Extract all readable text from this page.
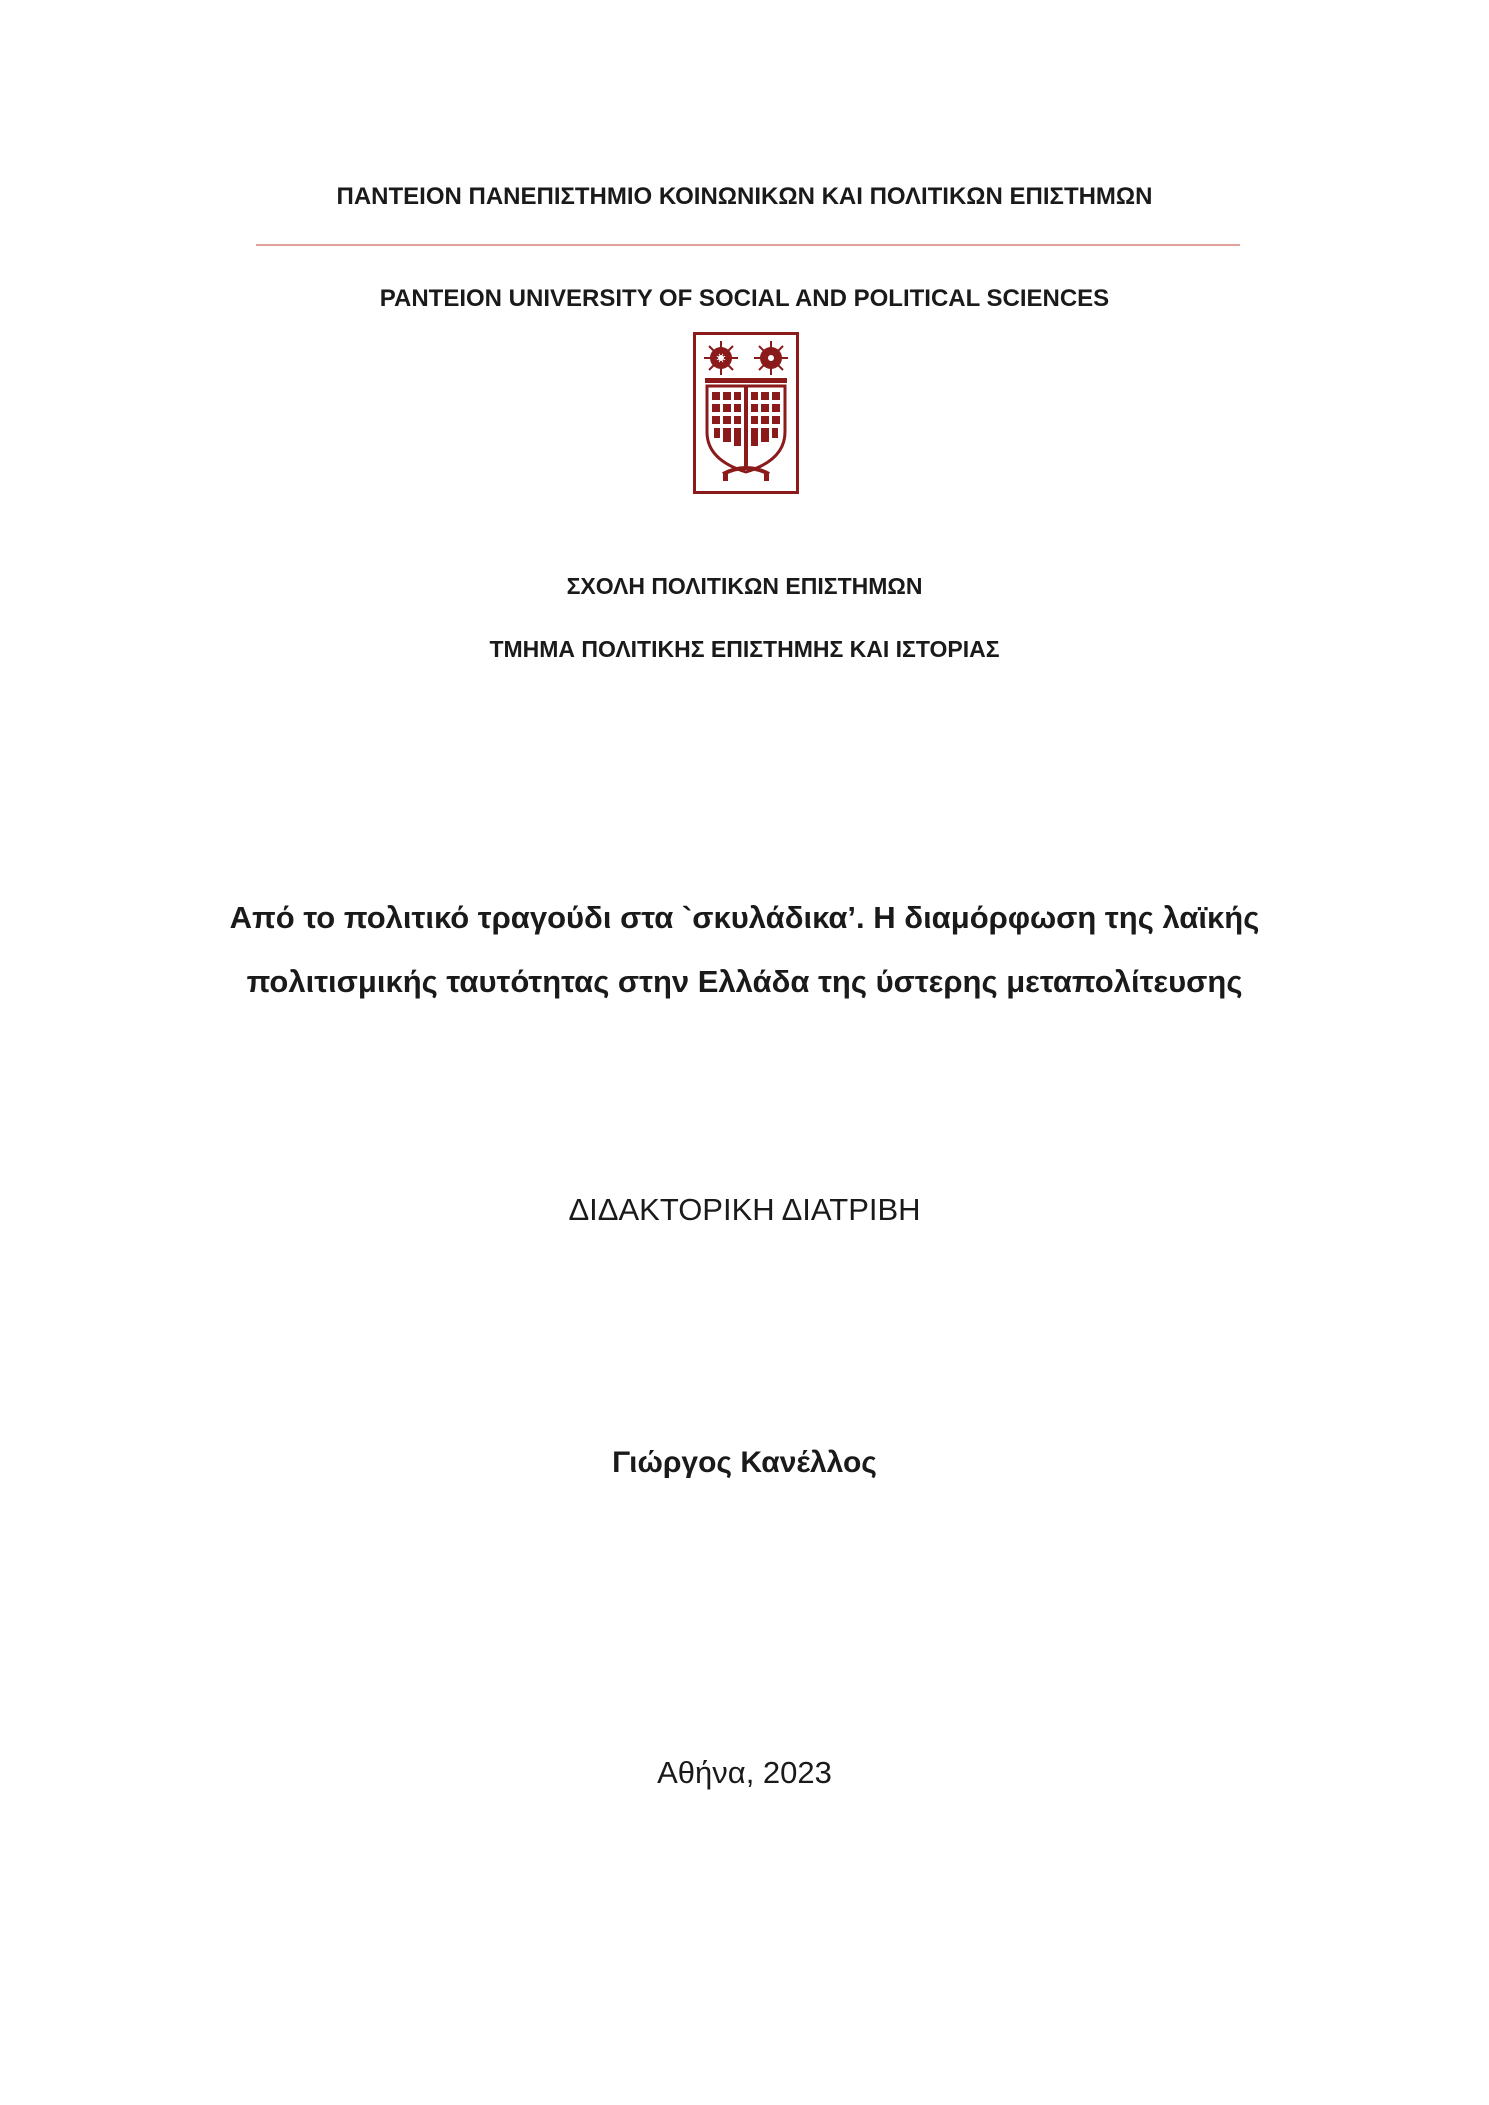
ΠΑΝΤΕΙΟΝ ΠΑΝΕΠΙΣΤΗΜΙΟ ΚΟΙΝΩΝΙΚΩΝ ΚΑΙ ΠΟΛΙΤΙΚΩΝ ΕΠΙΣΤΗΜΩΝ
PANTEION UNIVERSITY OF SOCIAL AND POLITICAL SCIENCES
ΣΧΟΛΗ ΠΟΛΙΤΙΚΩΝ ΕΠΙΣΤΗΜΩΝ
ΤΜΗΜΑ ΠΟΛΙΤΙΚΗΣ ΕΠΙΣΤΗΜΗΣ ΚΑΙ ΙΣΤΟΡΙΑΣ
Από το πολιτικό τραγούδι στα `σκυλάδικα’. Η διαμόρφωση της λαϊκής
πολιτισμικής ταυτότητας στην Ελλάδα της ύστερης μεταπολίτευσης
ΔΙΔΑΚΤΟΡΙΚΗ ΔΙΑΤΡΙΒΗ
Γιώργος Κανέλλος
Αθήνα, 2023
